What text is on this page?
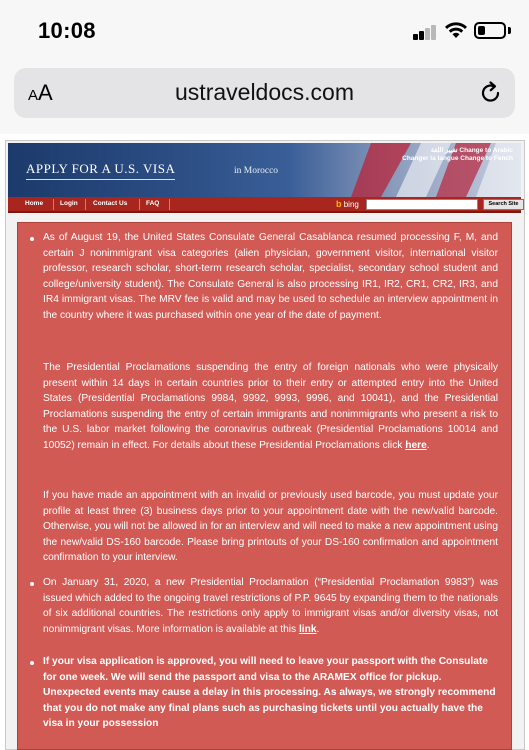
10:08
AA	ustraveldocs.com
APPLY FOR A U.S. VISA	in Morocco
تغيير اللغة Change to Arabic
Changer la langue Change to Fench
Home	Login Contact Us	FAQ	b bing	Search Site
As of August 19, the United States Consulate General Casablanca resumed processing F, M, and certain J nonimmigrant visa categories (alien physician, government visitor, international visitor professor, research scholar, short-term research scholar, specialist, secondary school student and college/university student). The Consulate General is also processing IR1, IR2, CR1, CR2, IR3, and IR4 immigrant visas. The MRV fee is valid and may be used to schedule an interview appointment in the country where it was purchased within one year of the date of payment.
The Presidential Proclamations suspending the entry of foreign nationals who were physically present within 14 days in certain countries prior to their entry or attempted entry into the United States (Presidential Proclamations 9984, 9992, 9993, 9996, and 10041), and the Presidential Proclamations suspending the entry of certain immigrants and nonimmigrants who present a risk to the U.S. labor market following the coronavirus outbreak (Presidential Proclamations 10014 and 10052) remain in effect. For details about these Presidential Proclamations click here.
If you have made an appointment with an invalid or previously used barcode, you must update your profile at least three (3) business days prior to your appointment date with the new/valid barcode. Otherwise, you will not be allowed in for an interview and will need to make a new appointment using the new/valid DS-160 barcode. Please bring printouts of your DS-160 confirmation and appointment confirmation to your interview.
On January 31, 2020, a new Presidential Proclamation (“Presidential Proclamation 9983”) was issued which added to the ongoing travel restrictions of P.P. 9645 by expanding them to the nationals of six additional countries. The restrictions only apply to immigrant visas and/or diversity visas, not nonimmigrant visas. More information is available at this link.
If your visa application is approved, you will need to leave your passport with the Consulate for one week. We will send the passport and visa to the ARAMEX office for pickup. Unexpected events may cause a delay in this processing. As always, we strongly recommend that you do not make any final plans such as purchasing tickets until you actually have the visa in your possession
